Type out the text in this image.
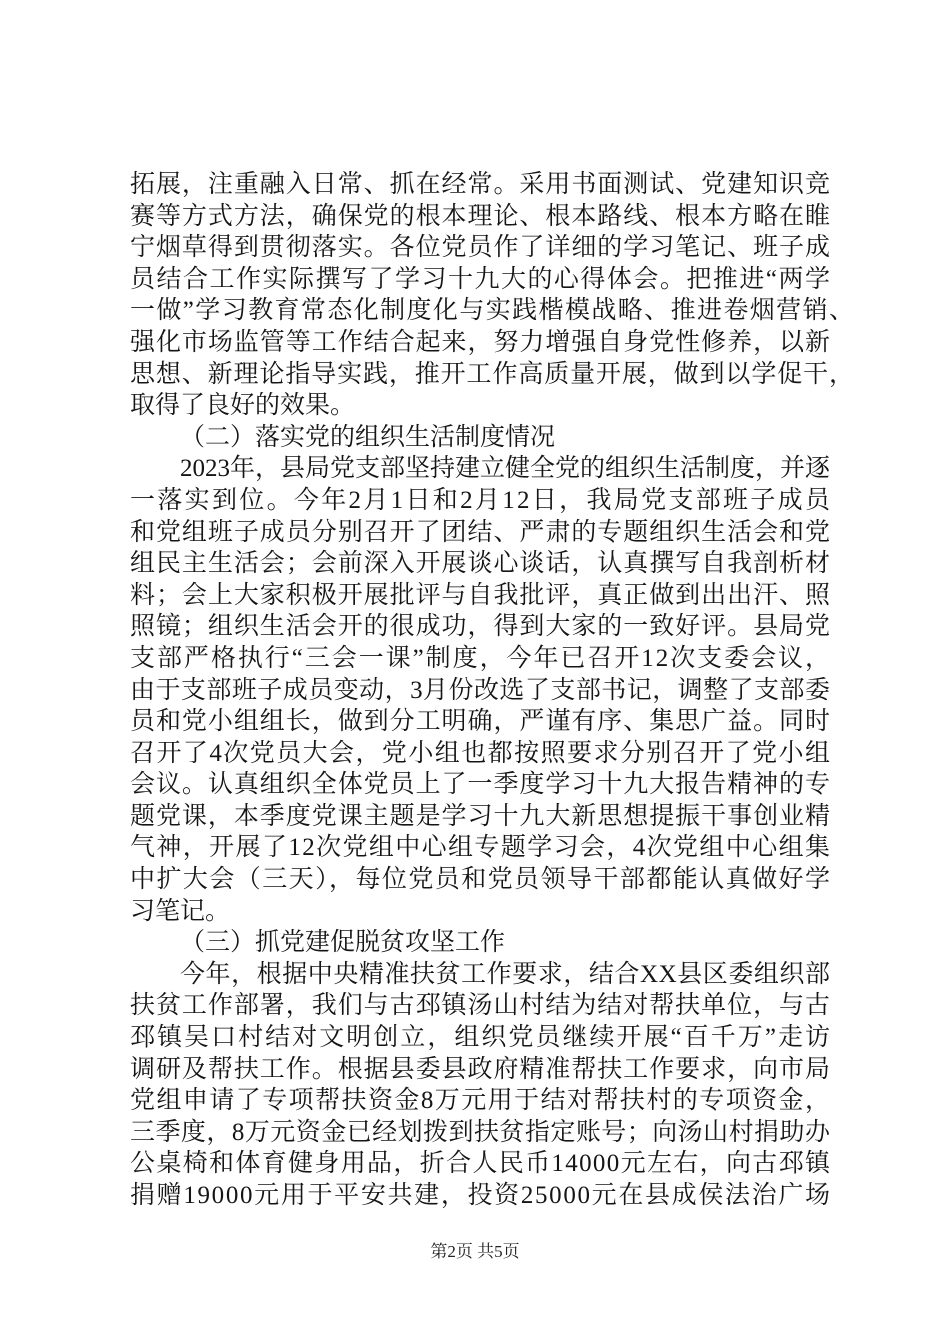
拓展，注重融入日常、抓在经常。采用书面测试、党建知识竞
赛等方式方法，确保党的根本理论、根本路线、根本方略在睢
宁烟草得到贯彻落实。各位党员作了详细的学习笔记、班子成
员结合工作实际撰写了学习十九大的心得体会。把推进“两学
一做”学习教育常态化制度化与实践楷模战略、推进卷烟营销、
强化市场监管等工作结合起来，努力增强自身党性修养，以新
思想、新理论指导实践，推开工作高质量开展，做到以学促干，
取得了良好的效果。
（二）落实党的组织生活制度情况
2023年，县局党支部坚持建立健全党的组织生活制度，并逐
一落实到位。今年2月1日和2月12日，我局党支部班子成员
和党组班子成员分别召开了团结、严肃的专题组织生活会和党
组民主生活会；会前深入开展谈心谈话，认真撰写自我剖析材
料；会上大家积极开展批评与自我批评，真正做到出出汗、照
照镜；组织生活会开的很成功，得到大家的一致好评。县局党
支部严格执行“三会一课”制度，今年已召开12次支委会议，
由于支部班子成员变动，3月份改选了支部书记，调整了支部委
员和党小组组长，做到分工明确，严谨有序、集思广益。同时
召开了4次党员大会，党小组也都按照要求分别召开了党小组
会议。认真组织全体党员上了一季度学习十九大报告精神的专
题党课，本季度党课主题是学习十九大新思想提振干事创业精
气神，开展了12次党组中心组专题学习会，4次党组中心组集
中扩大会（三天），每位党员和党员领导干部都能认真做好学
习笔记。
（三）抓党建促脱贫攻坚工作
今年，根据中央精准扶贫工作要求，结合XX县区委组织部
扶贫工作部署，我们与古邳镇汤山村结为结对帮扶单位，与古
邳镇吴口村结对文明创立，组织党员继续开展“百千万”走访
调研及帮扶工作。根据县委县政府精准帮扶工作要求，向市局
党组申请了专项帮扶资金8万元用于结对帮扶村的专项资金，
三季度，8万元资金已经划拨到扶贫指定账号；向汤山村捐助办
公桌椅和体育健身用品，折合人民币14000元左右，向古邳镇
捐赠19000元用于平安共建，投资25000元在县成侯法治广场
第2页 共5页
